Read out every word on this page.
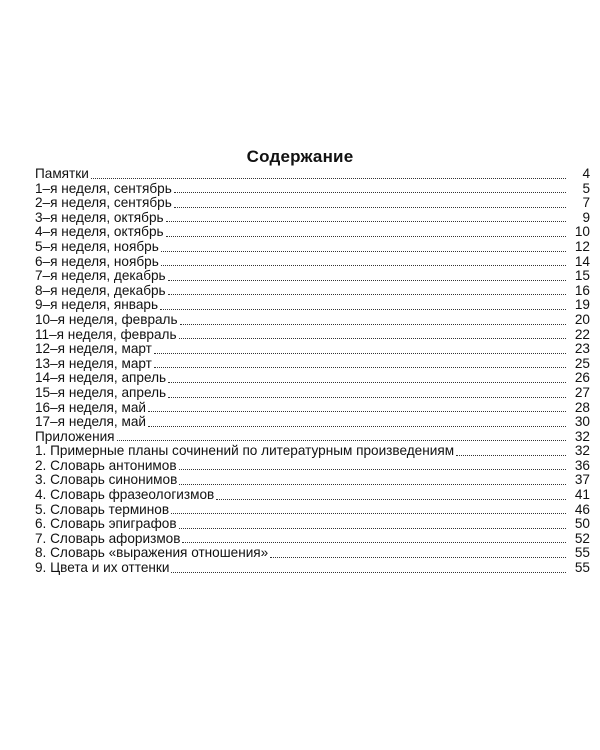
Содержание
Памятки	4
1–я неделя, сентябрь	5
2–я неделя, сентябрь	7
3–я неделя, октябрь	9
4–я неделя, октябрь	10
5–я неделя, ноябрь	12
6–я неделя, ноябрь	14
7–я неделя, декабрь	15
8–я неделя, декабрь	16
9–я неделя, январь	19
10–я неделя, февраль	20
11–я неделя, февраль	22
12–я неделя, март	23
13–я неделя, март	25
14–я неделя, апрель	26
15–я неделя, апрель	27
16–я неделя, май	28
17–я неделя, май	30
Приложения	32
1. Примерные планы сочинений по литературным произведениям	32
2. Словарь антонимов	36
3. Словарь синонимов	37
4. Словарь фразеологизмов	41
5. Словарь терминов	46
6. Словарь эпиграфов	50
7. Словарь афоризмов	52
8. Словарь «выражения отношения»	55
9. Цвета и их оттенки	55
